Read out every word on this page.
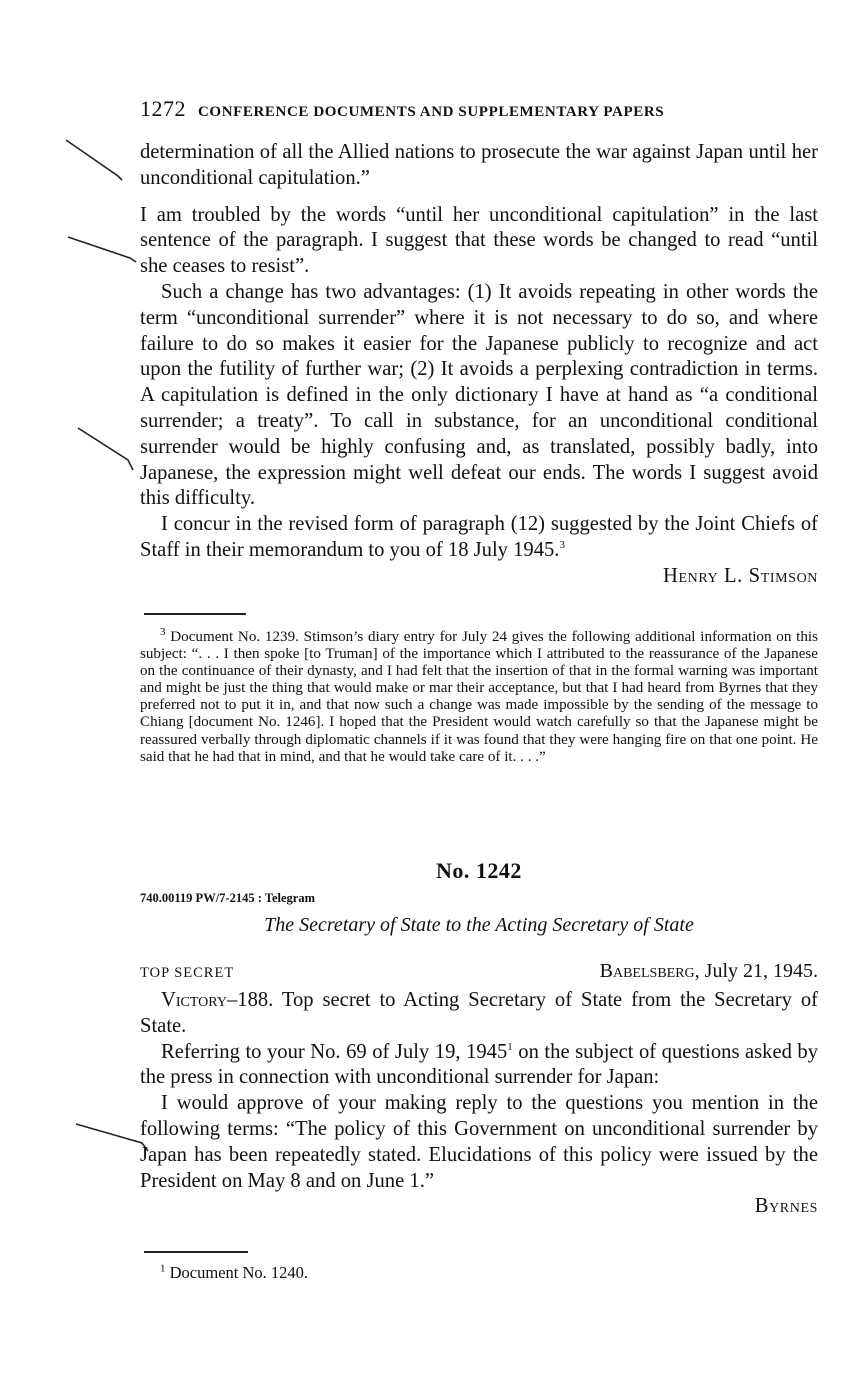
1272 CONFERENCE DOCUMENTS AND SUPPLEMENTARY PAPERS

determination of all the Allied nations to prosecute the war against Japan until her unconditional capitulation.”

I am troubled by the words “until her unconditional capitulation” in the last sentence of the paragraph. I suggest that these words be changed to read “until she ceases to resist”.

Such a change has two advantages: (1) It avoids repeating in other words the term “unconditional surrender” where it is not necessary to do so, and where failure to do so makes it easier for the Japanese publicly to recognize and act upon the futility of further war; (2) It avoids a perplexing contradiction in terms. A capitulation is defined in the only dictionary I have at hand as “a conditional surrender; a treaty”. To call in substance, for an unconditional conditional surrender would be highly confusing and, as translated, possibly badly, into Japanese, the expression might well defeat our ends. The words I suggest avoid this difficulty.

I concur in the revised form of paragraph (12) suggested by the Joint Chiefs of Staff in their memorandum to you of 18 July 1945.$^3$

Henry L. Stimson

$^3$ Document No. 1239. Stimson’s diary entry for July 24 gives the following additional information on this subject: “. . . I then spoke [to Truman] of the importance which I attributed to the reassurance of the Japanese on the continuance of their dynasty, and I had felt that the insertion of that in the formal warning was important and might be just the thing that would make or mar their acceptance, but that I had heard from Byrnes that they preferred not to put it in, and that now such a change was made impossible by the sending of the message to Chiang [document No. 1246]. I hoped that the President would watch carefully so that the Japanese might be reassured verbally through diplomatic channels if it was found that they were hanging fire on that one point. He said that he had that in mind, and that he would take care of it. . . .”

No. 1242
740.00119 PW/7-2145 : Telegram
The Secretary of State to the Acting Secretary of State
TOP SECRET	Babelsberg, July 21, 1945.

Victory–188. Top secret to Acting Secretary of State from the Secretary of State.

Referring to your No. 69 of July 19, 1945$^1$ on the subject of questions asked by the press in connection with unconditional surrender for Japan:

I would approve of your making reply to the questions you mention in the following terms: “The policy of this Government on unconditional surrender by Japan has been repeatedly stated. Elucidations of this policy were issued by the President on May 8 and on June 1.”

Byrnes

$^1$ Document No. 1240.
